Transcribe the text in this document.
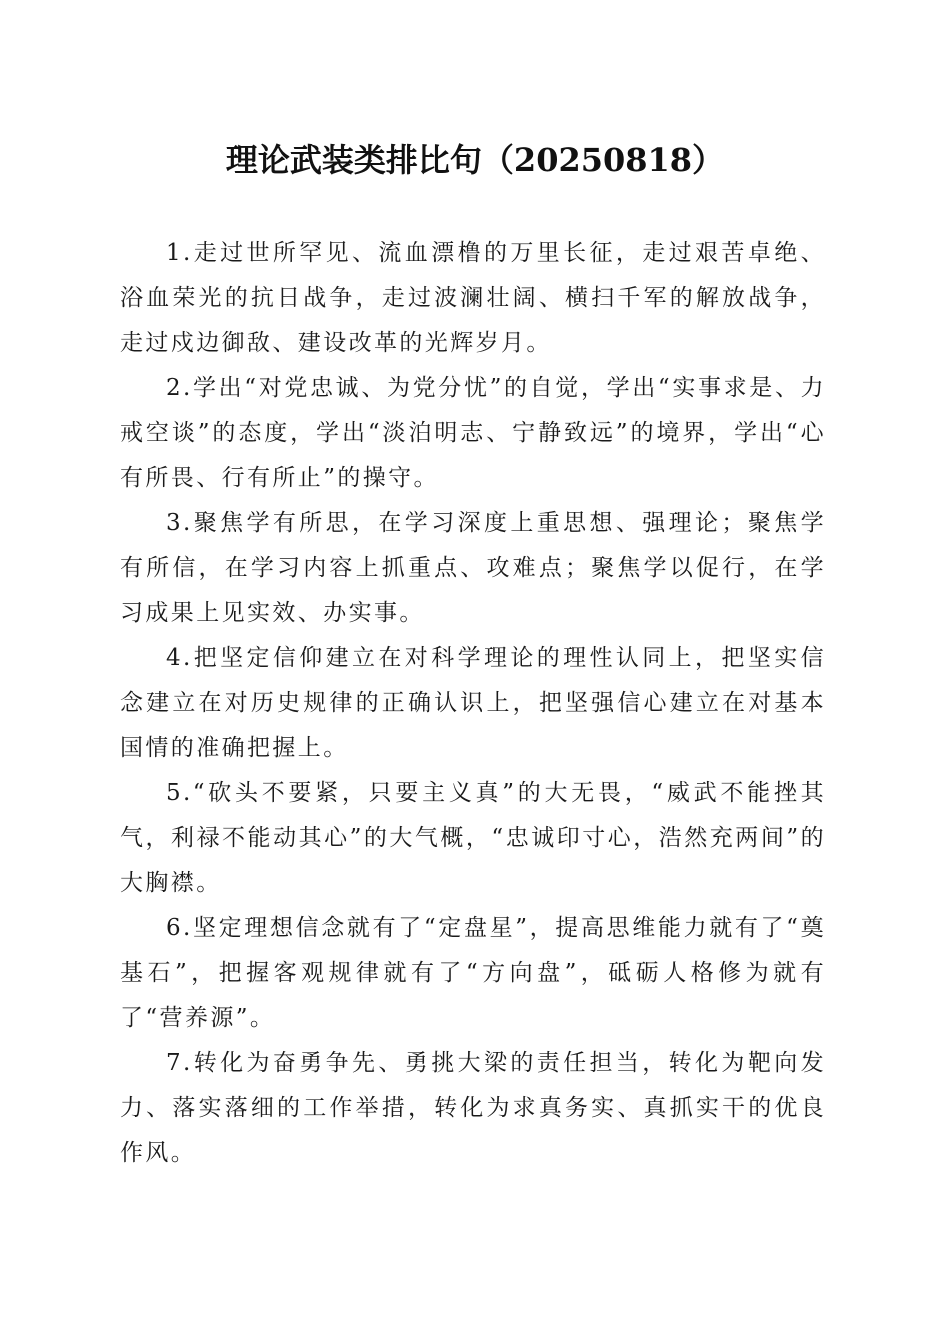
理论武装类排比句（20250818）

1.走过世所罕见、流血漂橹的万里长征，走过艰苦卓绝、浴血荣光的抗日战争，走过波澜壮阔、横扫千军的解放战争，走过戍边御敌、建设改革的光辉岁月。

2.学出“对党忠诚、为党分忧”的自觉，学出“实事求是、力戒空谈”的态度，学出“淡泊明志、宁静致远”的境界，学出“心有所畏、行有所止”的操守。

3.聚焦学有所思，在学习深度上重思想、强理论；聚焦学有所信，在学习内容上抓重点、攻难点；聚焦学以促行，在学习成果上见实效、办实事。

4.把坚定信仰建立在对科学理论的理性认同上，把坚实信念建立在对历史规律的正确认识上，把坚强信心建立在对基本国情的准确把握上。

5.“砍头不要紧，只要主义真”的大无畏，“威武不能挫其气，利禄不能动其心”的大气概，“忠诚印寸心，浩然充两间”的大胸襟。

6.坚定理想信念就有了“定盘星”，提高思维能力就有了“奠基石”，把握客观规律就有了“方向盘”，砥砺人格修为就有了“营养源”。

7.转化为奋勇争先、勇挑大梁的责任担当，转化为靶向发力、落实落细的工作举措，转化为求真务实、真抓实干的优良作风。
